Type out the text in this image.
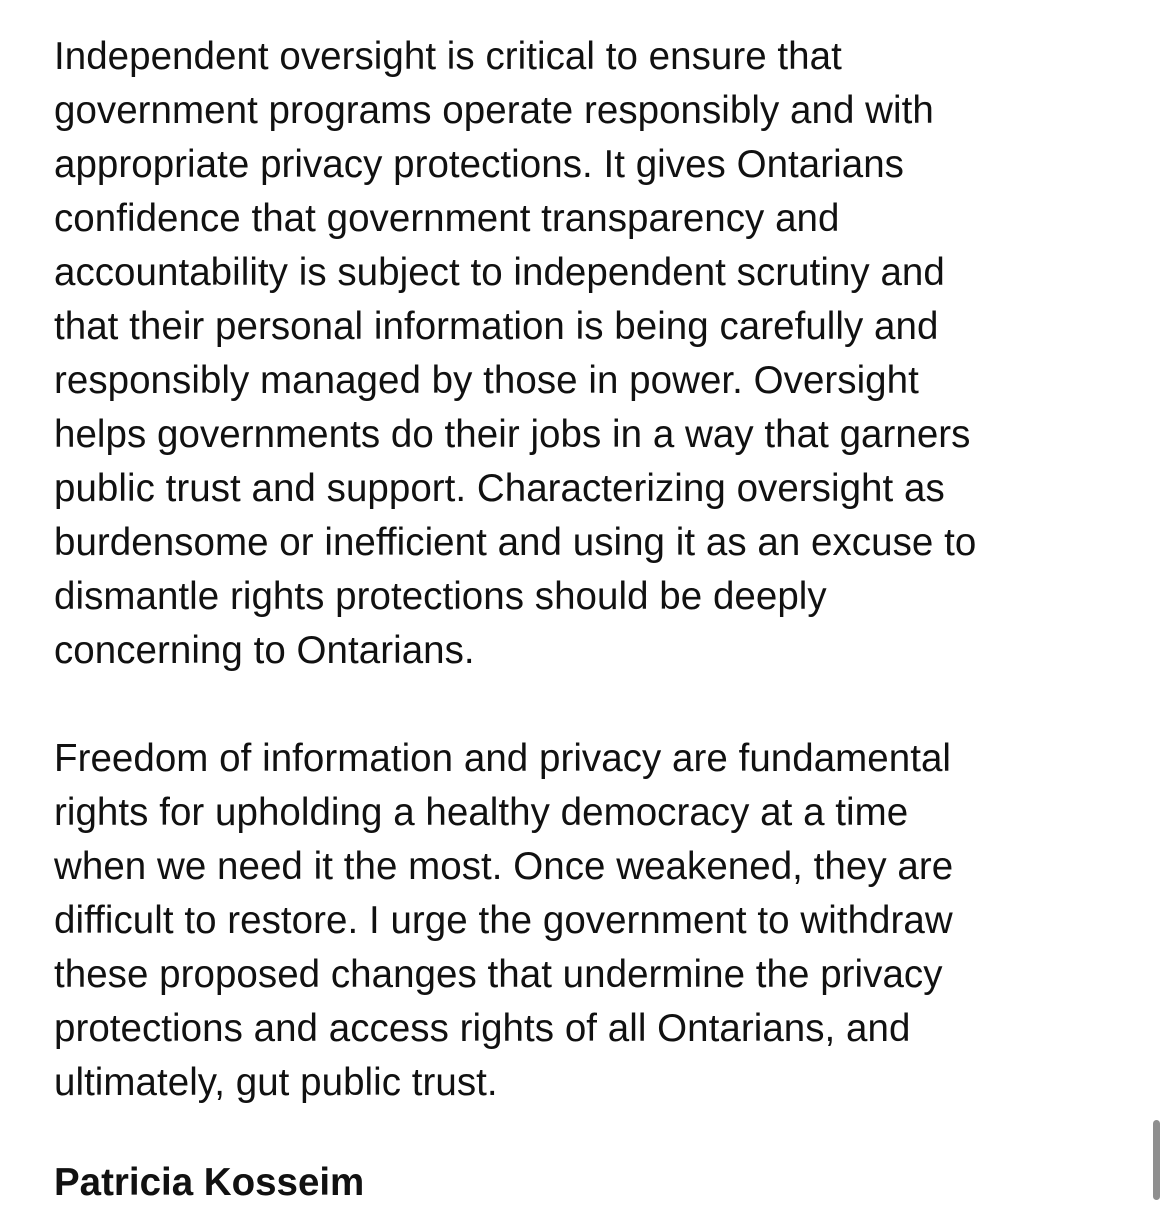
Independent oversight is critical to ensure that
government programs operate responsibly and with
appropriate privacy protections. It gives Ontarians
confidence that government transparency and
accountability is subject to independent scrutiny and
that their personal information is being carefully and
responsibly managed by those in power. Oversight
helps governments do their jobs in a way that garners
public trust and support. Characterizing oversight as
burdensome or inefficient and using it as an excuse to
dismantle rights protections should be deeply
concerning to Ontarians.

Freedom of information and privacy are fundamental
rights for upholding a healthy democracy at a time
when we need it the most. Once weakened, they are
difficult to restore. I urge the government to withdraw
these proposed changes that undermine the privacy
protections and access rights of all Ontarians, and
ultimately, gut public trust.

Patricia Kosseim
